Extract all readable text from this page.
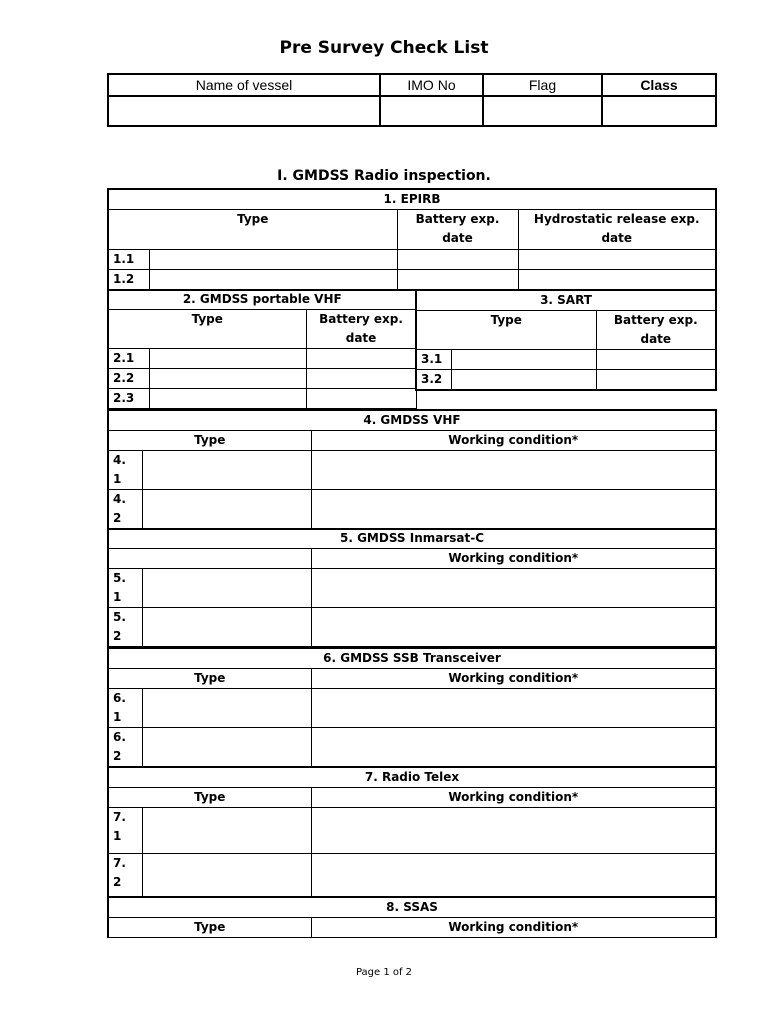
Pre Survey Check List
Name of vessel	IMO No	Flag	Class

I. GMDSS Radio inspection.
1. EPIRB			
Type		Battery exp. date	Hydrostatic release exp. date
1.1			
1.2			
2. GMDSS portable VHF		
Type		Battery exp. date
2.1		
2.2		
2.3		
3. SART		
Type		Battery exp. date
3.1		
3.2		
4. GMDSS VHF		
Type		Working condition*
4. 1		
4. 2		
5. GMDSS Inmarsat-C		
		Working condition*
5. 1		
5. 2		
6. GMDSS SSB Transceiver		
Type		Working condition*
6. 1		
6. 2		
7. Radio Telex		
Type		Working condition*
7. 1		
7. 2		
8. SSAS
Type	Working condition*
Page 1 of 2
